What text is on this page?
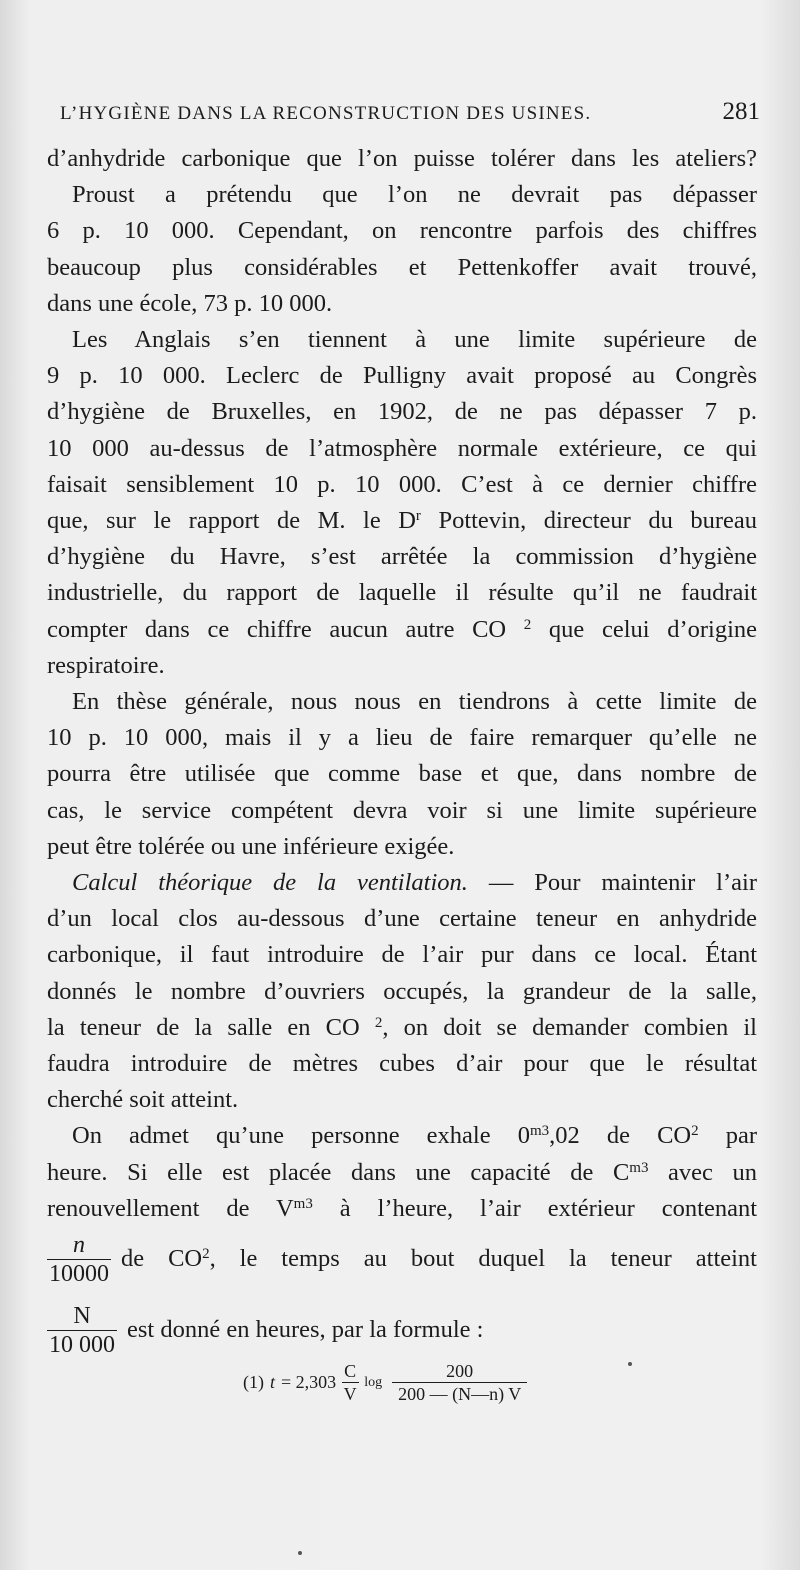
L’HYGIÈNE DANS LA RECONSTRUCTION DES USINES.	281

d’anhydride carbonique que l’on puisse tolérer dans les ateliers?

Proust a prétendu que l’on ne devrait pas dépasser

6 p. 10 000. Cependant, on rencontre parfois des chiffres

beaucoup plus considérables et Pettenkoffer avait trouvé,

dans une école, 73 p. 10 000.

Les Anglais s’en tiennent à une limite supérieure de

9 p. 10 000. Leclerc de Pulligny avait proposé au Congrès

d’hygiène de Bruxelles, en 1902, de ne pas dépasser 7 p.

10 000 au-dessus de l’atmosphère normale extérieure, ce qui

faisait sensiblement 10 p. 10 000. C’est à ce dernier chiffre

que, sur le rapport de M. le $D^r$ Pottevin, directeur du bureau

d’hygiène du Havre, s’est arrêtée la commission d’hygiène

industrielle, du rapport de laquelle il résulte qu’il ne faudrait

compter dans ce chiffre aucun autre CO $^2$ que celui d’origine

respiratoire.

En thèse générale, nous nous en tiendrons à cette limite de

10 p. 10 000, mais il y a lieu de faire remarquer qu’elle ne

pourra être utilisée que comme base et que, dans nombre de

cas, le service compétent devra voir si une limite supérieure

peut être tolérée ou une inférieure exigée.

Calcul théorique de la ventilation. — Pour maintenir l’air

d’un local clos au-dessous d’une certaine teneur en anhydride

carbonique, il faut introduire de l’air pur dans ce local. Étant

donnés le nombre d’ouvriers occupés, la grandeur de la salle,

la teneur de la salle en CO $^2$, on doit se demander combien il

faudra introduire de mètres cubes d’air pour que le résultat

cherché soit atteint.

On admet qu’une personne exhale $0^{m3},02$ de $CO^2$ par

heure. Si elle est placée dans une capacité de $C^{m3}$ avec un

renouvellement de $V^{m3}$ à l’heure, l’air extérieur contenant

$\frac{n}{10000}$ de $CO^2$, le temps au bout duquel la teneur atteint
$\frac{N}{10 000}$ est donné en heures, par la formule :
(1) $t = 2,303 \frac{C}{V}$ $\log \frac{200}{200 — (N—n) V}$
